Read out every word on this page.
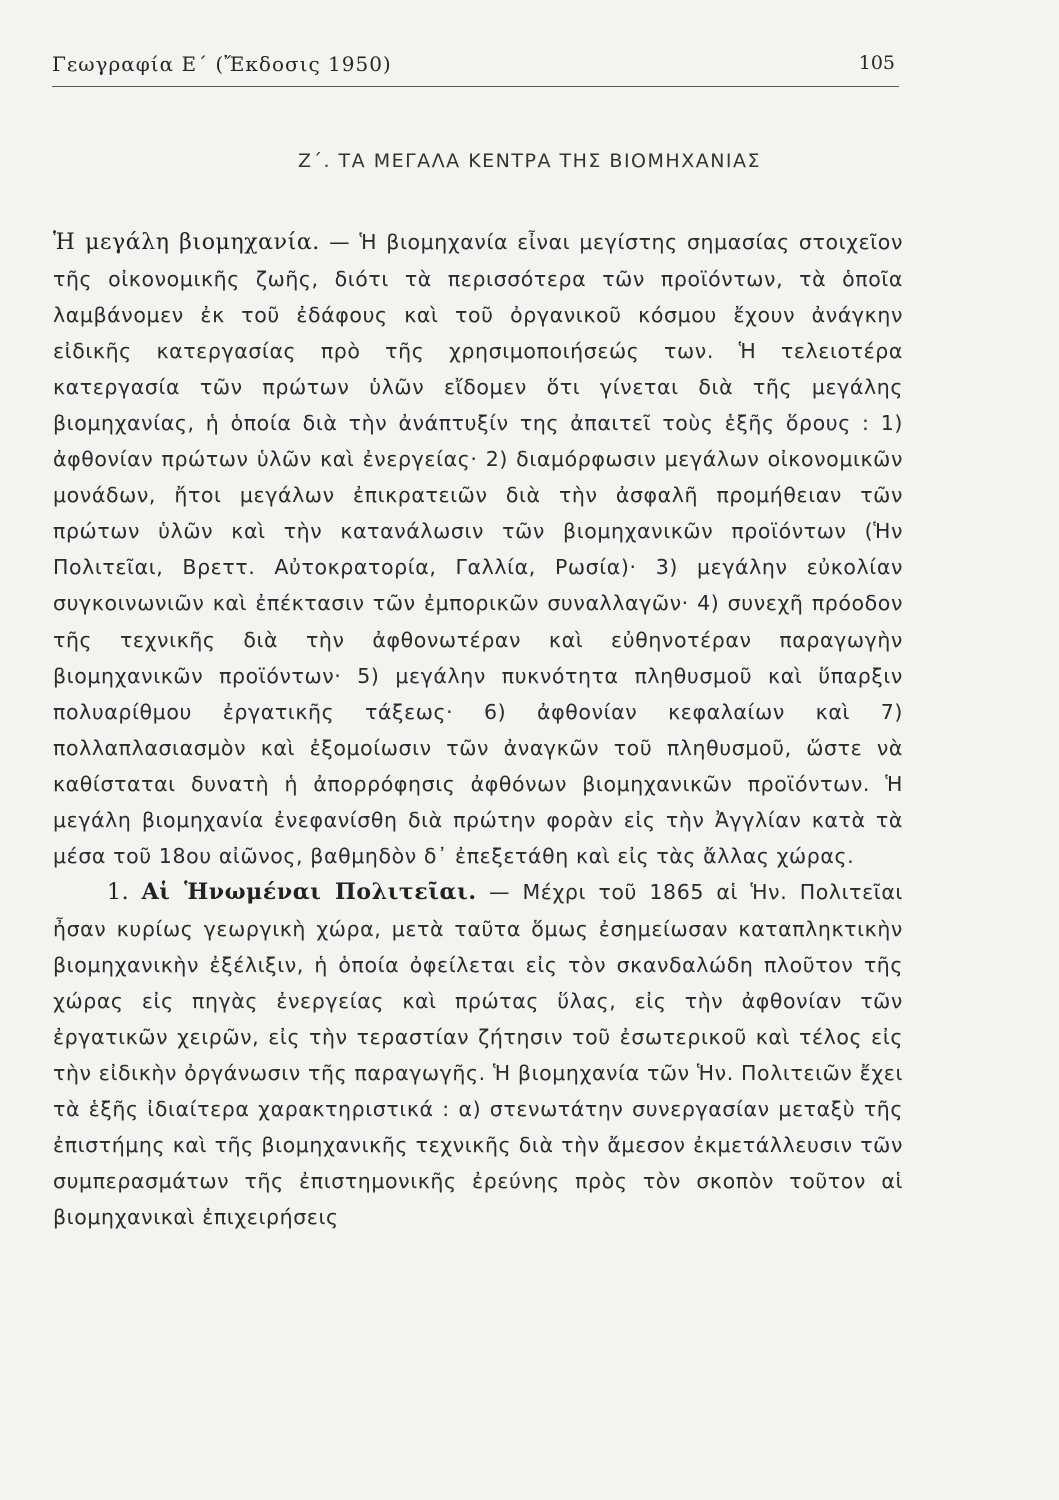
Γεωγραφία Ε΄ (Ἔκδοσις 1950)	105
Ζ΄. ΤΑ ΜΕΓΑΛΑ ΚΕΝΤΡΑ ΤΗΣ ΒΙΟΜΗΧΑΝΙΑΣ

Ἡ μεγάλη βιομηχανία. — Ἡ βιομηχανία εἶναι μεγίστης σημασίας στοιχεῖον τῆς οἰκονομικῆς ζωῆς, διότι τὰ περισσότερα τῶν προϊόντων, τὰ ὁποῖα λαμβάνομεν ἐκ τοῦ ἐδάφους καὶ τοῦ ὀργανικοῦ κόσμου ἔχουν ἀνάγκην εἰδικῆς κατεργασίας πρὸ τῆς χρησιμοποιήσεώς των. Ἡ τελειοτέρα κατεργασία τῶν πρώτων ὑλῶν εἴδομεν ὅτι γίνεται διὰ τῆς μεγάλης βιομηχανίας, ἡ ὁποία διὰ τὴν ἀνάπτυξίν της ἀπαιτεῖ τοὺς ἑξῆς ὅρους : 1) ἀφθονίαν πρώτων ὑλῶν καὶ ἐνεργείας· 2) διαμόρφωσιν μεγάλων οἰκονομικῶν μονάδων, ἤτοι μεγάλων ἐπικρατειῶν διὰ τὴν ἀσφαλῆ προμήθειαν τῶν πρώτων ὑλῶν καὶ τὴν κατανάλωσιν τῶν βιομηχανικῶν προϊόντων (Ἡν Πολιτεῖαι, Βρεττ. Αὐτοκρατορία, Γαλλία, Ρωσία)· 3) μεγάλην εὐκολίαν συγκοινωνιῶν καὶ ἐπέκτασιν τῶν ἐμπορικῶν συναλλαγῶν· 4) συνεχῆ πρόοδον τῆς τεχνικῆς διὰ τὴν ἀφθονωτέραν καὶ εὐθηνοτέραν παραγωγὴν βιομηχανικῶν προϊόντων· 5) μεγάλην πυκνότητα πληθυσμοῦ καὶ ὕπαρξιν πολυαρίθμου ἐργατικῆς τάξεως· 6) ἀφθονίαν κεφαλαίων καὶ 7) πολλαπλασιασμὸν καὶ ἐξομοίωσιν τῶν ἀναγκῶν τοῦ πληθυσμοῦ, ὥστε νὰ καθίσταται δυνατὴ ἡ ἀπορρόφησις ἀφθόνων βιομηχανικῶν προϊόντων. Ἡ μεγάλη βιομηχανία ἐνεφανίσθη διὰ πρώτην φορὰν εἰς τὴν Ἀγγλίαν κατὰ τὰ μέσα τοῦ 18ου αἰῶνος, βαθμηδὸν δ᾿ ἐπεξετάθη καὶ εἰς τὰς ἄλλας χώρας.

1. Αἱ Ἡνωμέναι Πολιτεῖαι. — Μέχρι τοῦ 1865 αἱ Ἡν. Πολιτεῖαι ἦσαν κυρίως γεωργικὴ χώρα, μετὰ ταῦτα ὅμως ἐσημείωσαν καταπληκτικὴν βιομηχανικὴν ἐξέλιξιν, ἡ ὁποία ὀφείλεται εἰς τὸν σκανδαλώδη πλοῦτον τῆς χώρας εἰς πηγὰς ἐνεργείας καὶ πρώτας ὕλας, εἰς τὴν ἀφθονίαν τῶν ἐργατικῶν χειρῶν, εἰς τὴν τεραστίαν ζήτησιν τοῦ ἐσωτερικοῦ καὶ τέλος εἰς τὴν εἰδικὴν ὀργάνωσιν τῆς παραγωγῆς. Ἡ βιομηχανία τῶν Ἡν. Πολιτειῶν ἔχει τὰ ἑξῆς ἰδιαίτερα χαρακτηριστικά : α) στενωτάτην συνεργασίαν μεταξὺ τῆς ἐπιστήμης καὶ τῆς βιομηχανικῆς τεχνικῆς διὰ τὴν ἄμεσον ἐκμετάλλευσιν τῶν συμπερασμάτων τῆς ἐπιστημονικῆς ἐρεύνης πρὸς τὸν σκοπὸν τοῦτον αἱ βιομηχανικαὶ ἐπιχειρήσεις
